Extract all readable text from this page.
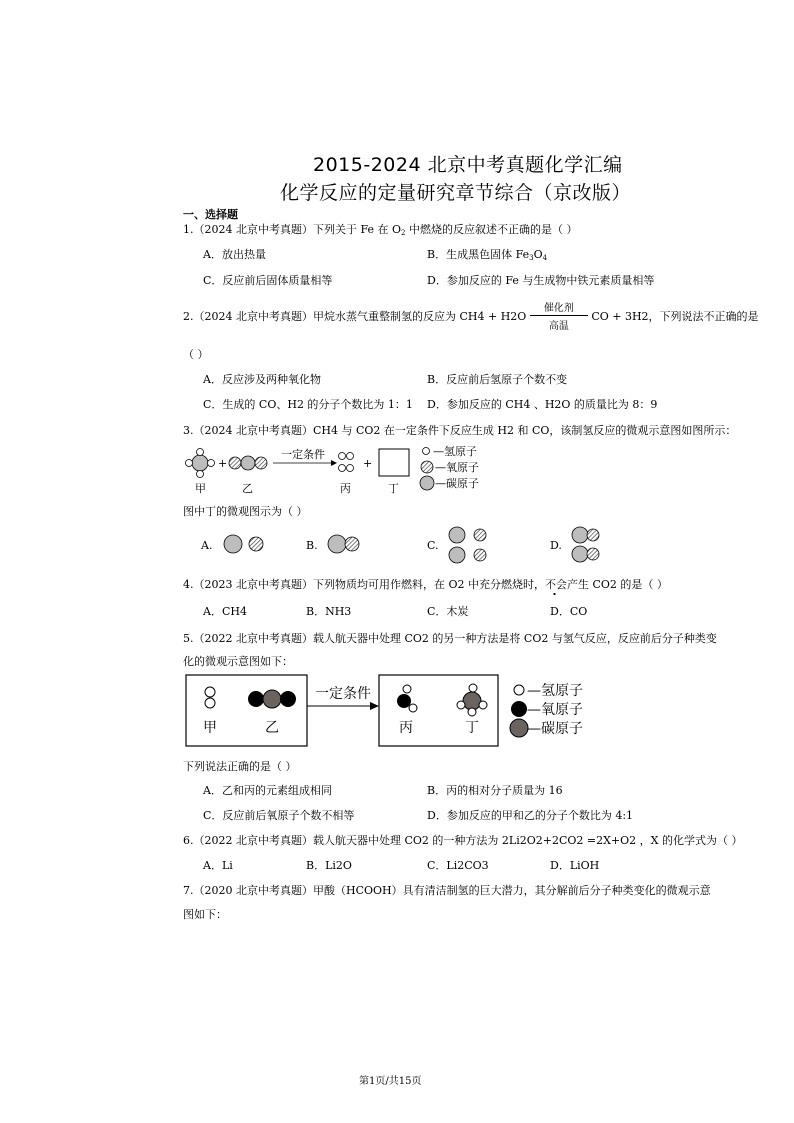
2015-2024 北京中考真题化学汇编
化学反应的定量研究章节综合（京改版）
一、选择题
1.（2024 北京中考真题）下列关于 Fe 在 $O_2$ 中燃烧的反应叙述不正确的是（ ）
A．放出热量	B．生成黑色固体 $Fe_3O_4$
C．反应前后固体质量相等	D．参加反应的 Fe 与生成物中铁元素质量相等
2.（2024 北京中考真题）甲烷水蒸气重整制氢的反应为 $CH4 + H2O \frac{\text{催化剂}}{\text{高温}}$ CO + 3H2，下列说法不正确的是
（ ）
A．反应涉及两种氧化物	B．反应前后氢原子个数不变
C．生成的 CO、H2 的分子个数比为 1：1 D．参加反应的 CH4 、H2O 的质量比为 8：9
3.（2024 北京中考真题）CH4 与 CO2 在一定条件下反应生成 H2 和 CO，该制氢反应的微观示意图如图所示：
+
一定条件
+
甲	乙	丙	丁
—氢原子
—氧原子
—碳原子
图中丁的微观图示为（ ）
A.	B.	C.	D.
4.（2023 北京中考真题）下列物质均可用作燃料，在 O2 中充分燃烧时，不会产生 CO2 的是（ ）
A．CH4	B．NH3	C．木炭	D．CO
5.（2022 北京中考真题）载人航天器中处理 CO2 的另一种方法是将 CO2 与氢气反应，反应前后分子种类变
化的微观示意图如下：
甲	乙
一定条件
丙	丁
—氢原子
—氧原子
—碳原子
下列说法正确的是（ ）
A．乙和丙的元素组成相同	B．丙的相对分子质量为 16
C．反应前后氧原子个数不相等	D．参加反应的甲和乙的分子个数比为 4:1
6.（2022 北京中考真题）载人航天器中处理 CO2 的一种方法为 2Li2O2+2CO2 =2X+O2 ，X 的化学式为（ ）
A．Li	B．Li2O	C．Li2CO3	D．LiOH
7.（2020 北京中考真题）甲酸（HCOOH）具有清洁制氢的巨大潜力，其分解前后分子种类变化的微观示意
图如下：
第1页/共15页
